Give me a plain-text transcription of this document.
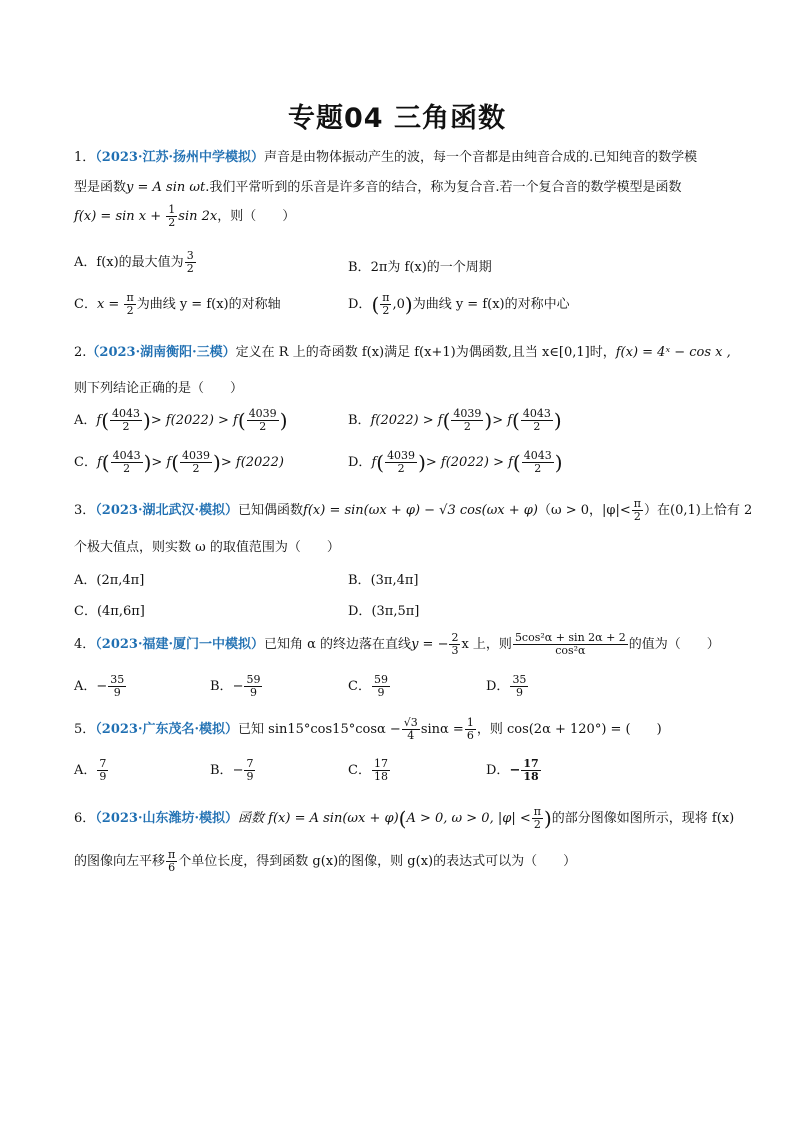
专题04 三角函数
1．（2023·江苏·扬州中学模拟）声音是由物体振动产生的波，每一个音都是由纯音合成的.已知纯音的数学模
型是函数y = A sin ωt.我们平常听到的乐音是许多音的结合，称为复合音.若一个复合音的数学模型是函数
$f(x) = \sin x + \frac{1}{2}$ sin 2x，则（　　）
A．f(x)的最大值为 $\frac{3}{2}$	B．2π为 f(x)的一个周期
C．$x = \frac{\pi}{2}$ 为曲线 y = f(x)的对称轴	D．( $\frac{\pi}{2} ,0$)为曲线 y = f(x)的对称中心
2.（2023·湖南衡阳·三模）定义在 R 上的奇函数 f(x)满足 f(x+1)为偶函数,且当 x∈[0,1]时，f(x) = 4ˣ − cos x ,
则下列结论正确的是（　　）
A．$f( \frac{4043}{2}$ )> $f(2022) > f( \frac{4039}{2}$ )	B．$f(2022) > f( \frac{4039}{2}$ )> $f( \frac{4043}{2}$ )
C．$f( \frac{4043}{2}$ )> $f( \frac{4039}{2}$ )> f(2022)	D．$f( \frac{4039}{2}$ )> $f(2022) > f( \frac{4043}{2}$ )
3．（2023·湖北武汉·模拟）已知偶函数f(x) = sin(ωx + φ) − √3 cos(ωx + φ)（ω > 0，$|\varphi|< \frac{\pi}{2}$ ）在(0,1)上恰有 2
个极大值点，则实数 ω 的取值范围为（　　）
A．(2π,4π]	B．(3π,4π]
C．(4π,6π]	D．(3π,5π]
4．（2023·福建·厦门一中模拟）已知角 α 的终边落在直线y = − $\frac{2}{3}$ x 上，则 $\frac{\text{5cos²α + sin 2α + 2}}{\text{cos²α}}$ 的值为（　　）
A．− $\frac{35}{9}$	B．− $\frac{59}{9}$	C． $\frac{59}{9}$	D． $\frac{35}{9}$
5．（2023·广东茂名·模拟）已知 $\sin 15^\circ\cos 15^\circ\cos\alpha - \frac{√3}{4}$ $\sin\alpha = \frac{1}{6}$ ，则 cos(2α + 120°) = (　　)
A． $\frac{7}{9}$	B．− $\frac{7}{9}$	C． $\frac{17}{18}$	D．− $\frac{17}{18}$
6．（2023·山东潍坊·模拟）函数 f(x) = A sin(ωx + φ)(A > 0, ω > 0, $|\varphi| < \frac{\pi}{2}$ )的部分图像如图所示，现将 f(x)
的图像向左平移 $\frac{\pi}{6}$ 个单位长度，得到函数 g(x)的图像，则 g(x)的表达式可以为（　　）
